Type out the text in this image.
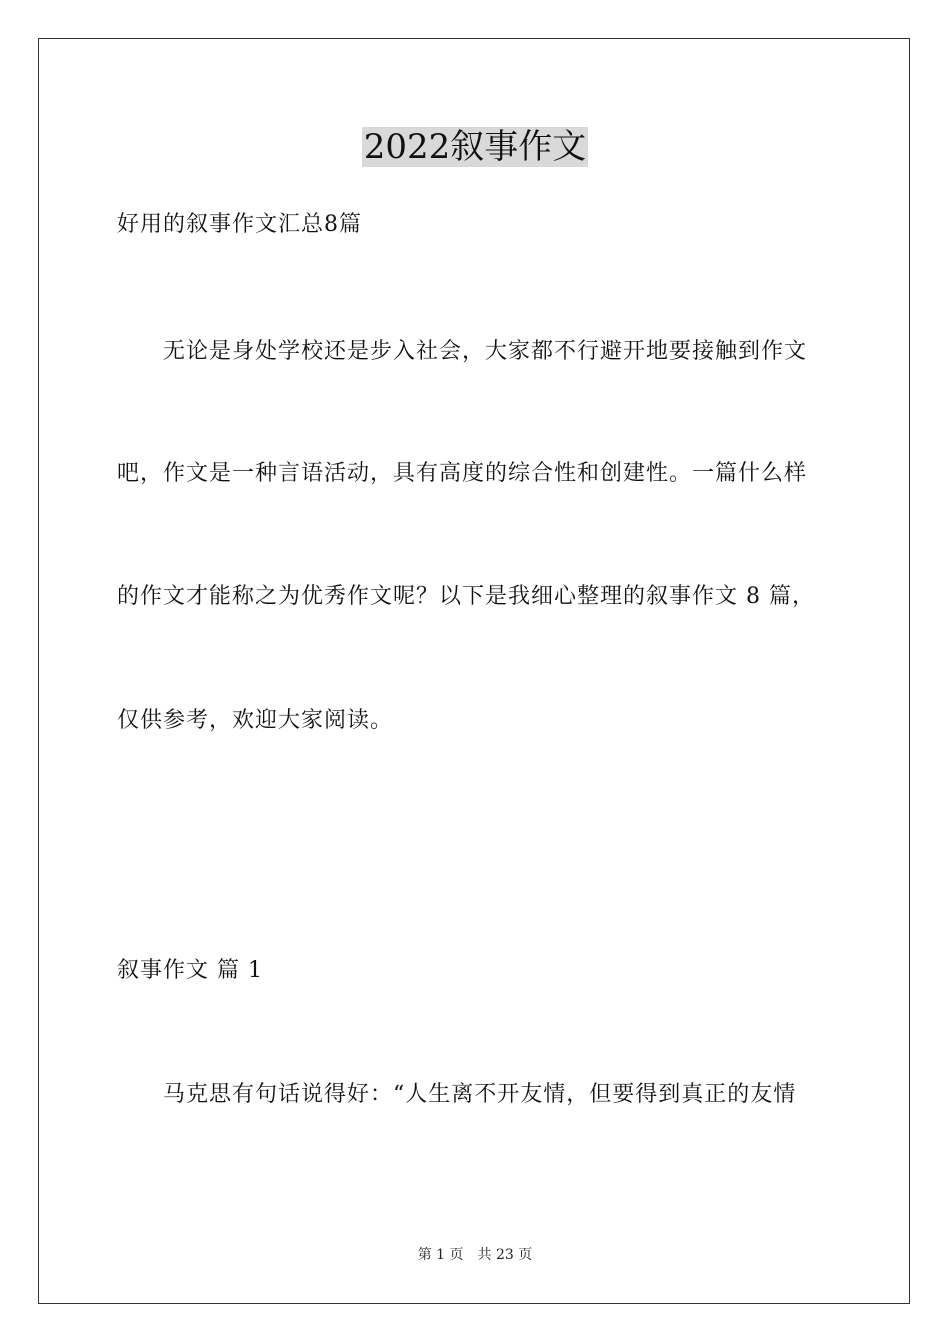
2022叙事作文
好用的叙事作文汇总8篇
无论是身处学校还是步入社会，大家都不行避开地要接触到作文
吧，作文是一种言语活动，具有高度的综合性和创建性。一篇什么样
的作文才能称之为优秀作文呢？以下是我细心整理的叙事作文 8 篇，
仅供参考，欢迎大家阅读。
叙事作文 篇 1
马克思有句话说得好：“人生离不开友情，但要得到真正的友情
第 1 页 共 23 页
